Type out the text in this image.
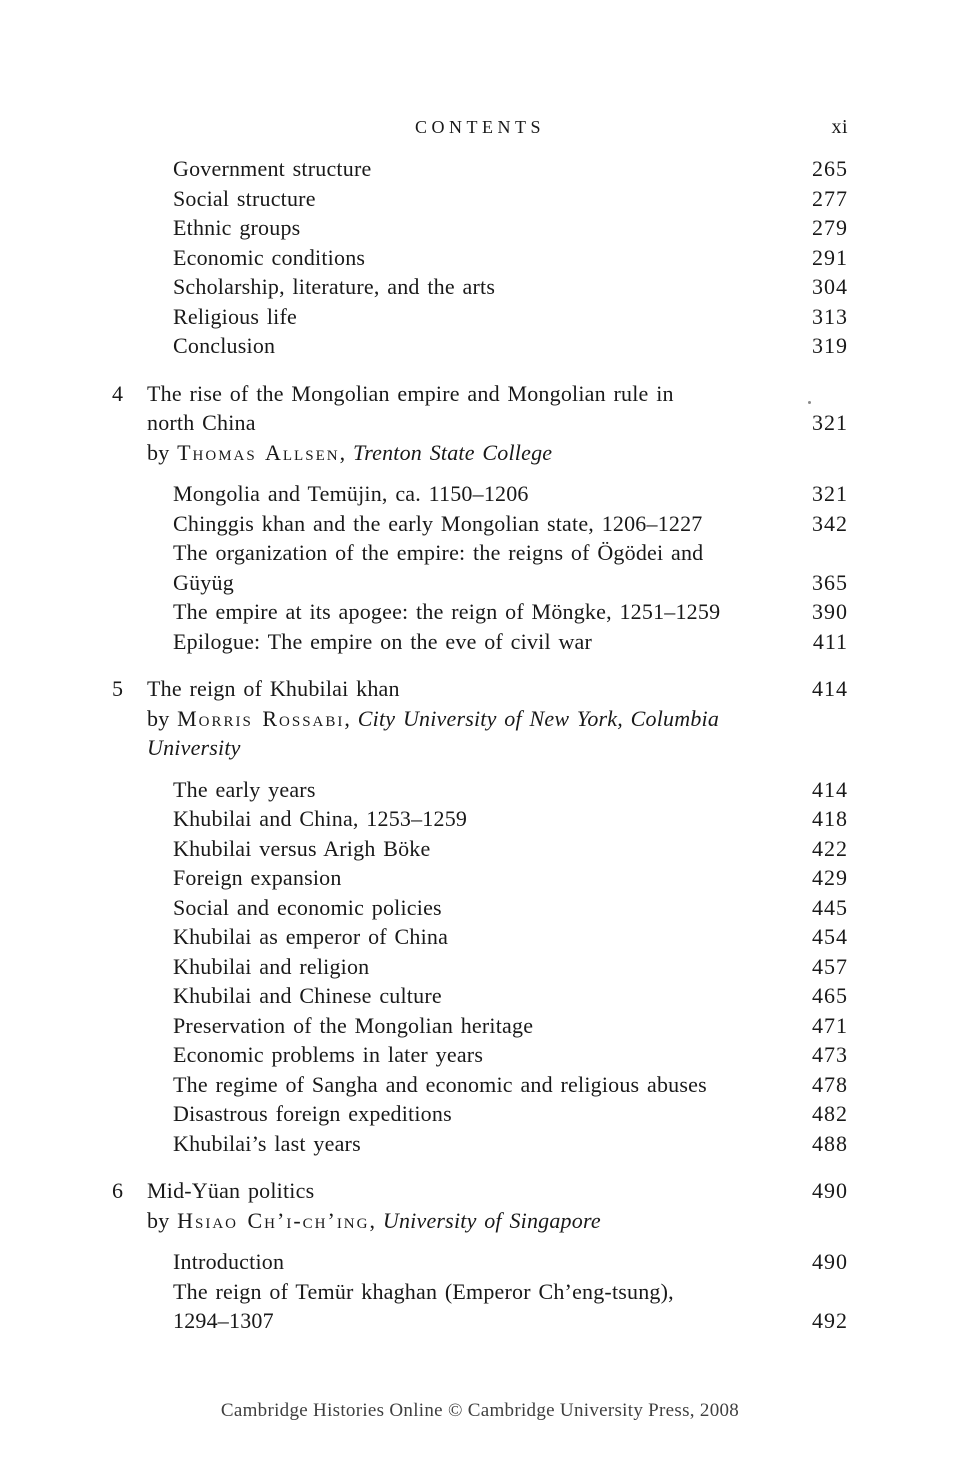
CONTENTS	xi
Government structure	265
Social structure	277
Ethnic groups	279
Economic conditions	291
Scholarship, literature, and the arts	304
Religious life	313
Conclusion	319
4 The rise of the Mongolian empire and Mongolian rule in
north China	321
by Thomas Allsen, Trenton State College
Mongolia and Temüjin, ca. 1150–1206	321
Chinggis khan and the early Mongolian state, 1206–1227	342
The organization of the empire: the reigns of Ögödei and
Güyüg	365
The empire at its apogee: the reign of Möngke, 1251–1259	390
Epilogue: The empire on the eve of civil war	411
5 The reign of Khubilai khan	414
by Morris Rossabi, City University of New York, Columbia
University
The early years	414
Khubilai and China, 1253–1259	418
Khubilai versus Arigh Böke	422
Foreign expansion	429
Social and economic policies	445
Khubilai as emperor of China	454
Khubilai and religion	457
Khubilai and Chinese culture	465
Preservation of the Mongolian heritage	471
Economic problems in later years	473
The regime of Sangha and economic and religious abuses	478
Disastrous foreign expeditions	482
Khubilai’s last years	488
6 Mid-Yüan politics	490
by Hsiao Ch’i-ch’ing, University of Singapore
Introduction	490
The reign of Temür khaghan (Emperor Ch’eng-tsung),
1294–1307	492
Cambridge Histories Online © Cambridge University Press, 2008
